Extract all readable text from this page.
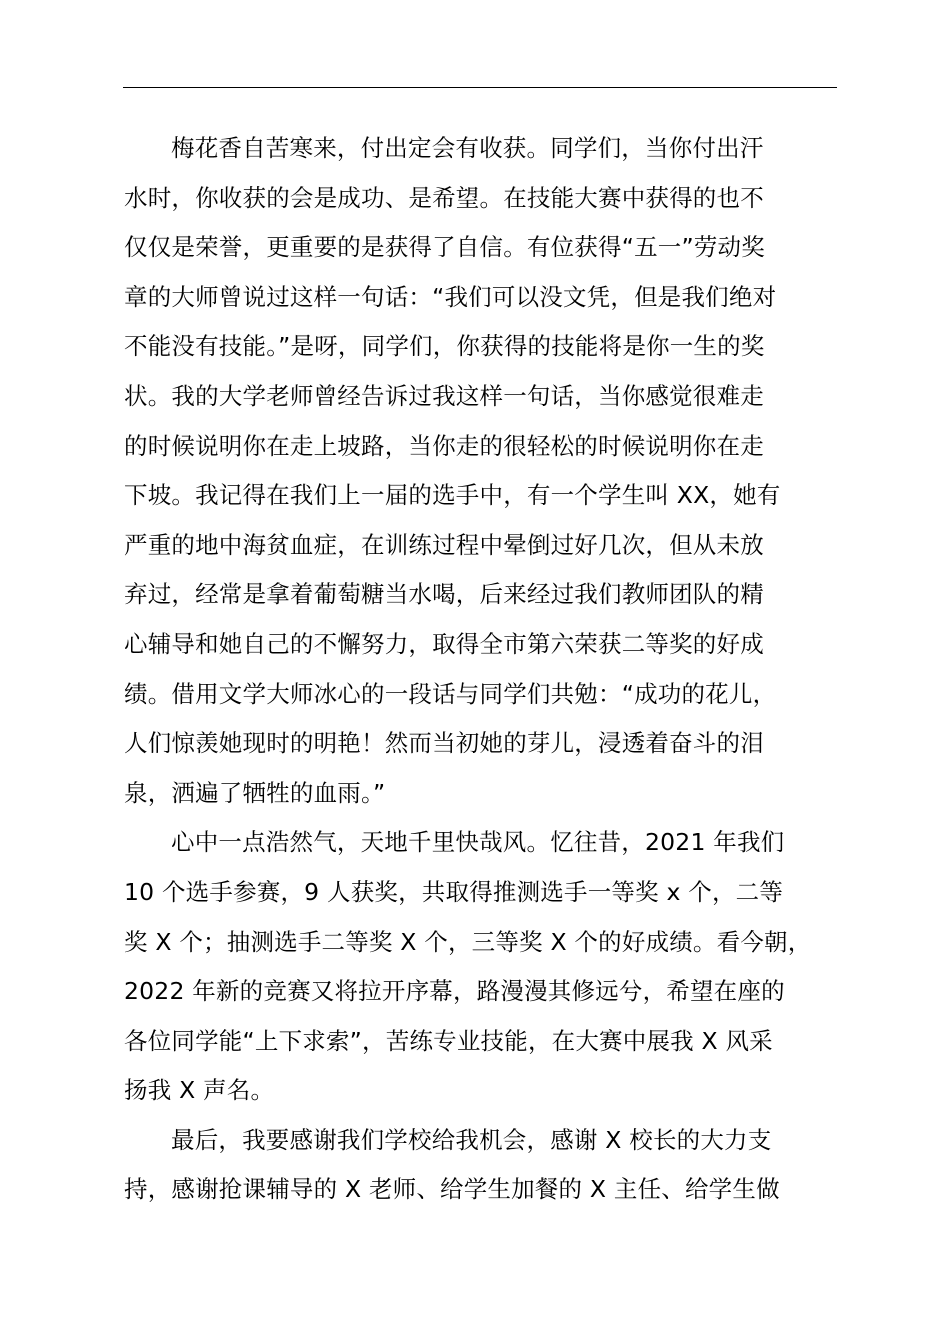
梅花香自苦寒来，付出定会有收获。同学们，当你付出汗
水时，你收获的会是成功、是希望。在技能大赛中获得的也不
仅仅是荣誉，更重要的是获得了自信。有位获得“五一”劳动奖
章的大师曾说过这样一句话：“我们可以没文凭，但是我们绝对
不能没有技能。”是呀，同学们，你获得的技能将是你一生的奖
状。我的大学老师曾经告诉过我这样一句话，当你感觉很难走
的时候说明你在走上坡路，当你走的很轻松的时候说明你在走
下坡。我记得在我们上一届的选手中，有一个学生叫 XX，她有
严重的地中海贫血症，在训练过程中晕倒过好几次，但从未放
弃过，经常是拿着葡萄糖当水喝，后来经过我们教师团队的精
心辅导和她自己的不懈努力，取得全市第六荣获二等奖的好成
绩。借用文学大师冰心的一段话与同学们共勉：“成功的花儿，
人们惊羡她现时的明艳！然而当初她的芽儿，浸透着奋斗的泪
泉，洒遍了牺牲的血雨。”
心中一点浩然气，天地千里快哉风。忆往昔，2021 年我们
10 个选手参赛，9 人获奖，共取得推测选手一等奖 x 个，二等
奖 X 个；抽测选手二等奖 X 个，三等奖 X 个的好成绩。看今朝，
2022 年新的竞赛又将拉开序幕，路漫漫其修远兮，希望在座的
各位同学能“上下求索”，苦练专业技能，在大赛中展我 X 风采
扬我 X 声名。
最后，我要感谢我们学校给我机会，感谢 X 校长的大力支
持，感谢抢课辅导的 X 老师、给学生加餐的 X 主任、给学生做
